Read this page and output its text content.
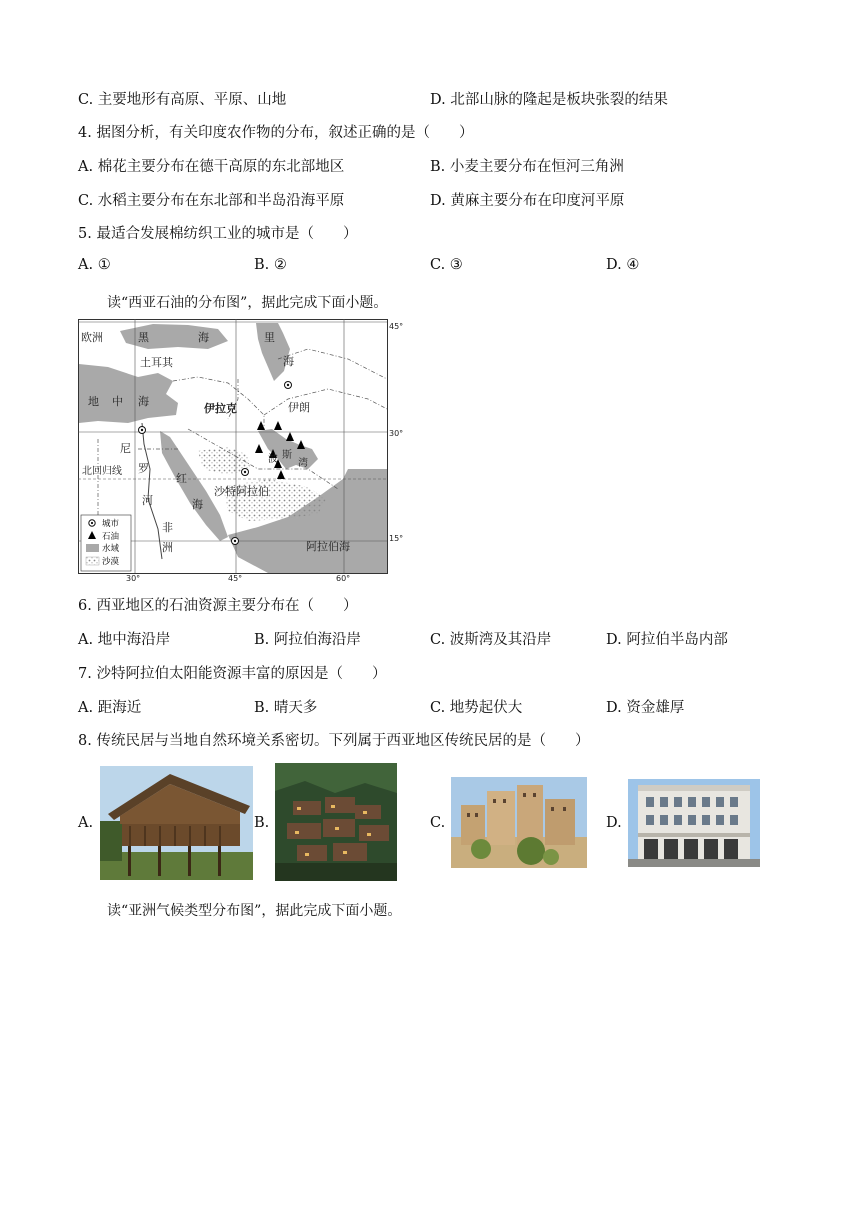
C. 主要地形有高原、平原、山地	D. 北部山脉的隆起是板块张裂的结果
4. 据图分析，有关印度农作物的分布，叙述正确的是（　　）
A. 棉花主要分布在德干高原的东北部地区	B. 小麦主要分布在恒河三角洲
C. 水稻主要分布在东北部和半岛沿海平原	D. 黄麻主要分布在印度河平原
5. 最适合发展棉纺织工业的城市是（　　）
A. ①	B. ②	C. ③	D. ④
读“西亚石油的分布图”，据此完成下面小题。
欧洲	黑	海	里
海
土耳其
地 中 海
伊拉克	伊朗
尼
罗
河
北回归线
波 斯
湾
红
海
沙特阿拉伯
非
洲	阿拉伯海
45°
30°
15°
30°	45°	60°
城市
石油
水域
沙漠
6. 西亚地区的石油资源主要分布在（　　）
A. 地中海沿岸	B. 阿拉伯海沿岸	C. 波斯湾及其沿岸	D. 阿拉伯半岛内部
7. 沙特阿拉伯太阳能资源丰富的原因是（　　）
A. 距海近	B. 晴天多	C. 地势起伏大	D. 资金雄厚
8. 传统民居与当地自然环境关系密切。下列属于西亚地区传统民居的是（　　）
A.	B.	C.	D.
读“亚洲气候类型分布图”，据此完成下面小题。
